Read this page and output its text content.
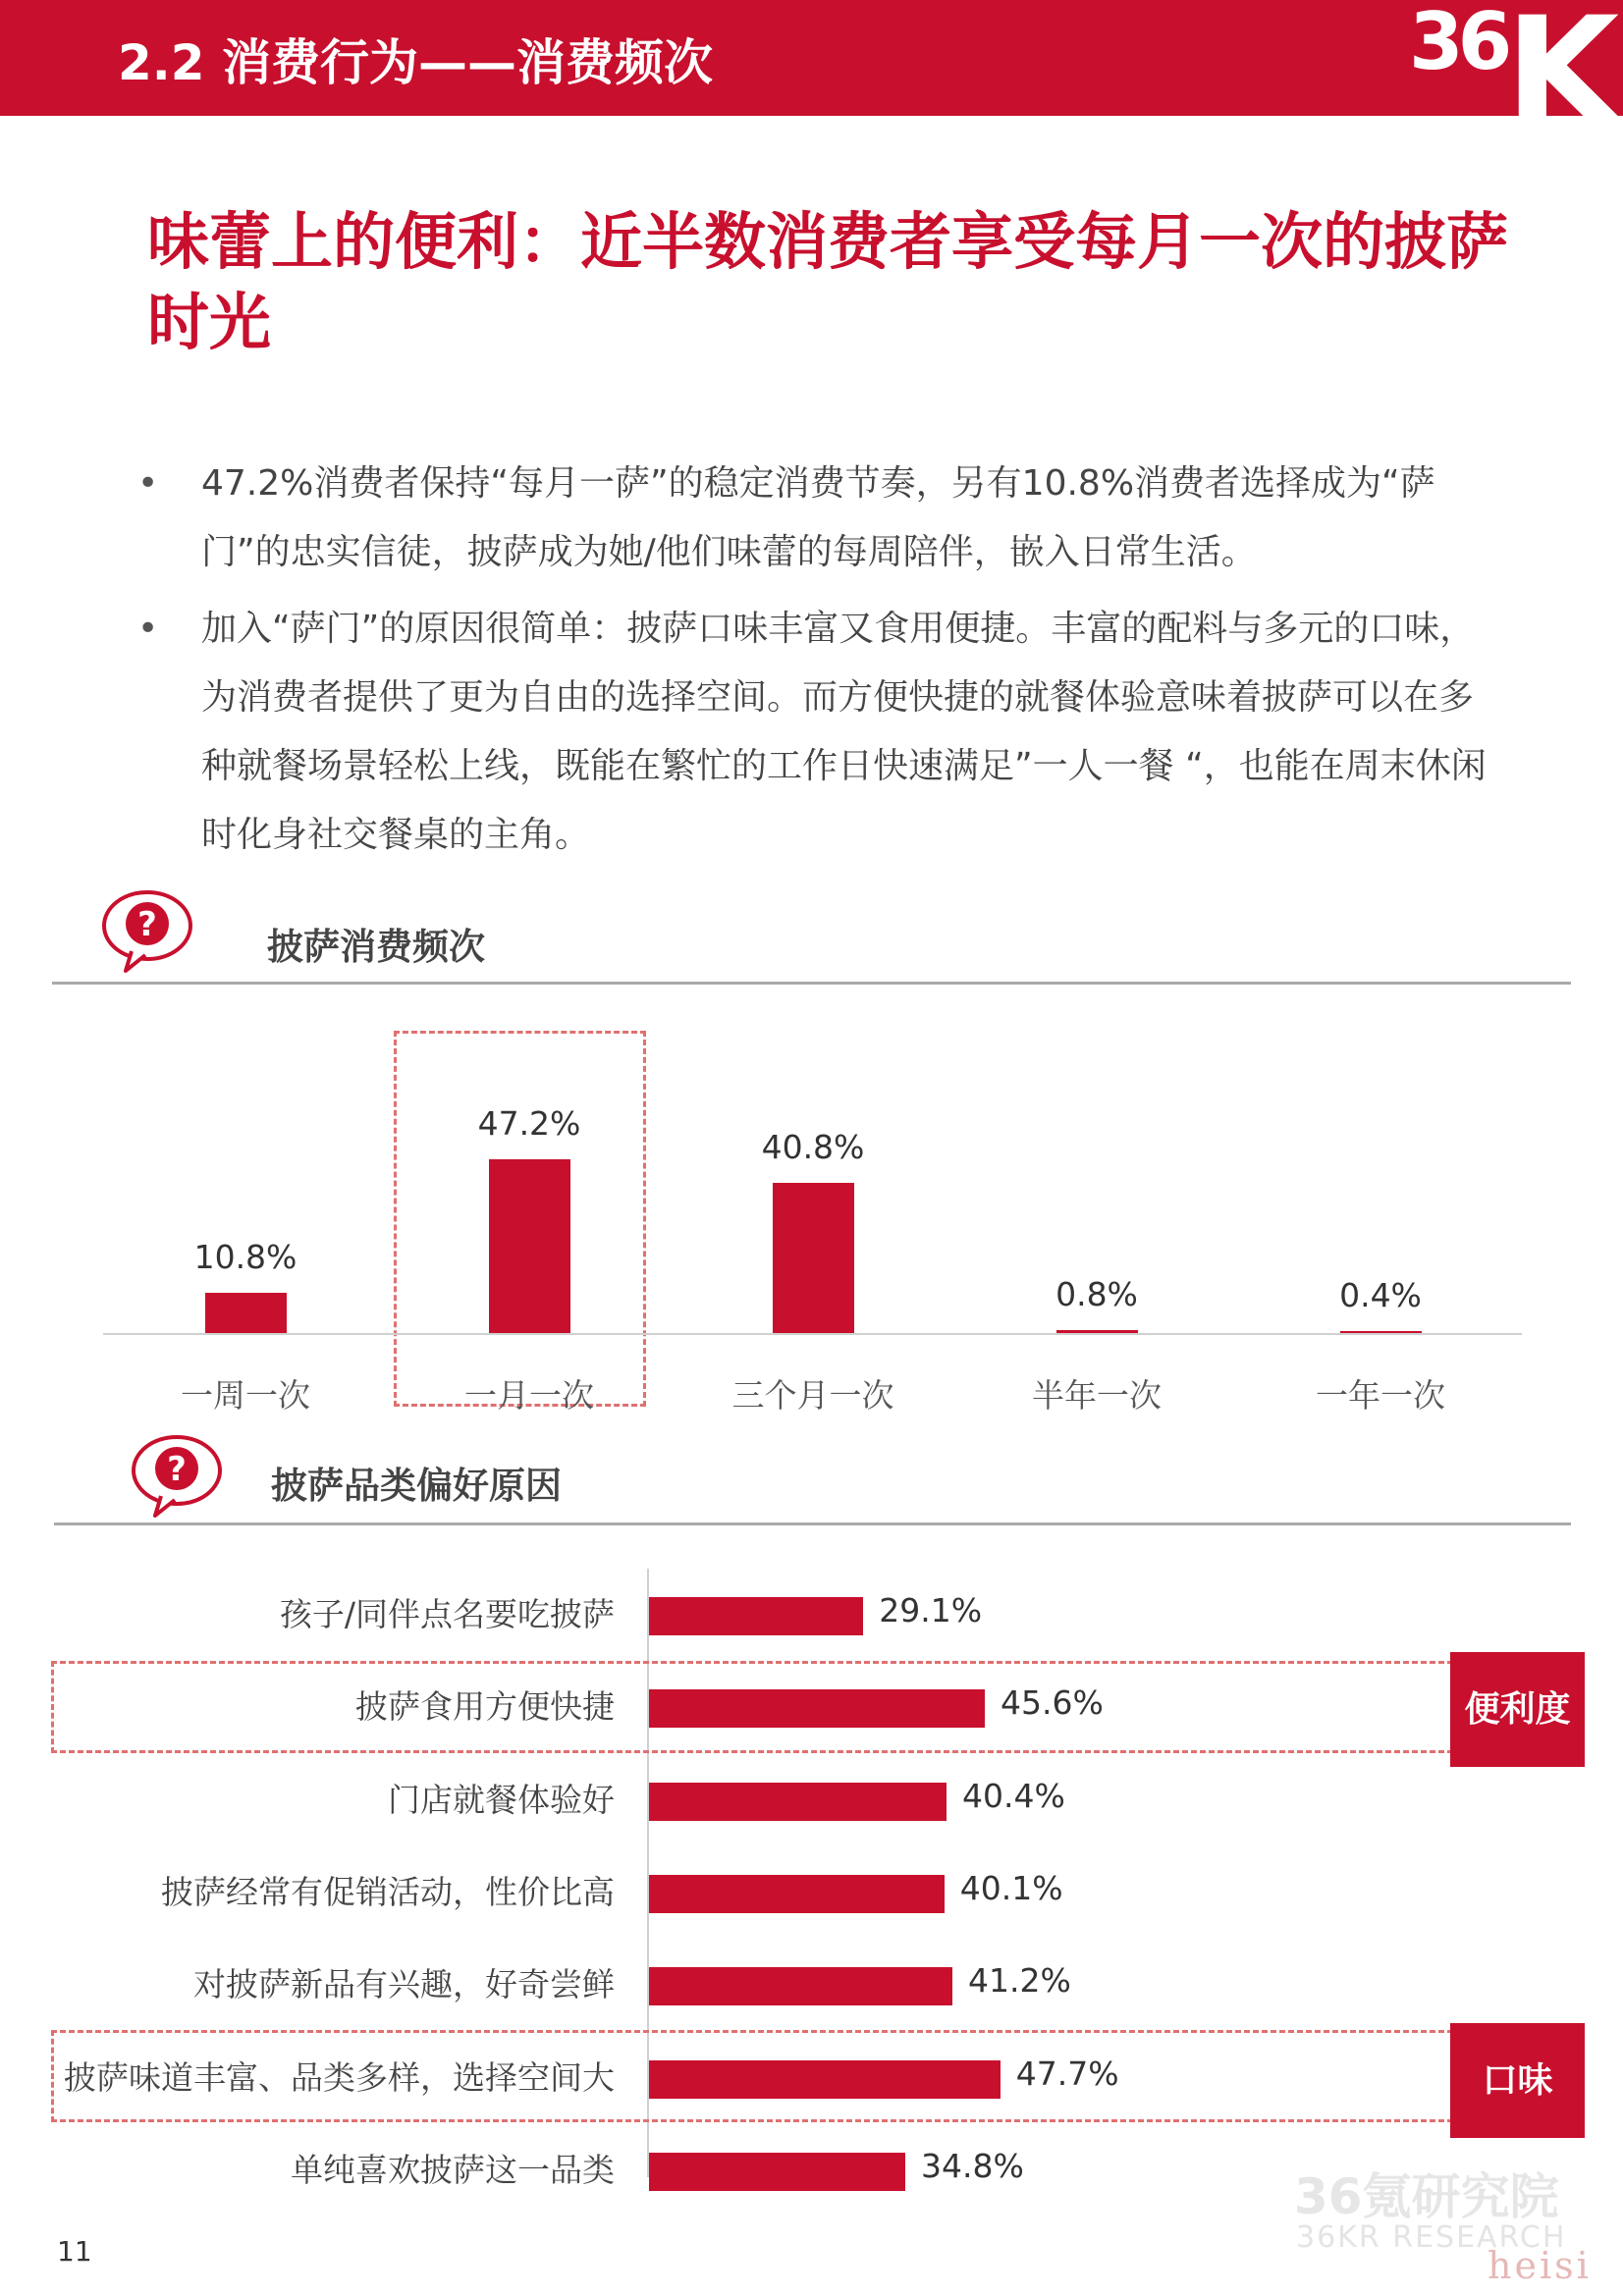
2.2 消费行为——消费频次	36
K
味蕾上的便利：近半数消费者享受每月一次的披萨时光
• 47.2%消费者保持“每月一萨”的稳定消费节奏，另有10.8%消费者选择成为“萨门”的忠实信徒，披萨成为她/他们味蕾的每周陪伴，嵌入日常生活。
• 加入“萨门”的原因很简单：披萨口味丰富又食用便捷。丰富的配料与多元的口味，为消费者提供了更为自由的选择空间。而方便快捷的就餐体验意味着披萨可以在多种就餐场景轻松上线，既能在繁忙的工作日快速满足”一人一餐 “，也能在周末休闲时化身社交餐桌的主角。
?
披萨消费频次
10.8%
一周一次
47.2%
一月一次
40.8%
三个月一次
0.8%
半年一次
0.4%
一年一次
? 披萨品类偏好原因
孩子/同伴点名要吃披萨	29.1%
披萨食用方便快捷	45.6%
门店就餐体验好	40.4%
披萨经常有促销活动，性价比高	40.1%
对披萨新品有兴趣，好奇尝鲜	41.2%
披萨味道丰富、品类多样，选择空间大	47.7%
单纯喜欢披萨这一品类	34.8%
便利度
口味
11
36氪研究院
36KR RESEARCH
heisi
